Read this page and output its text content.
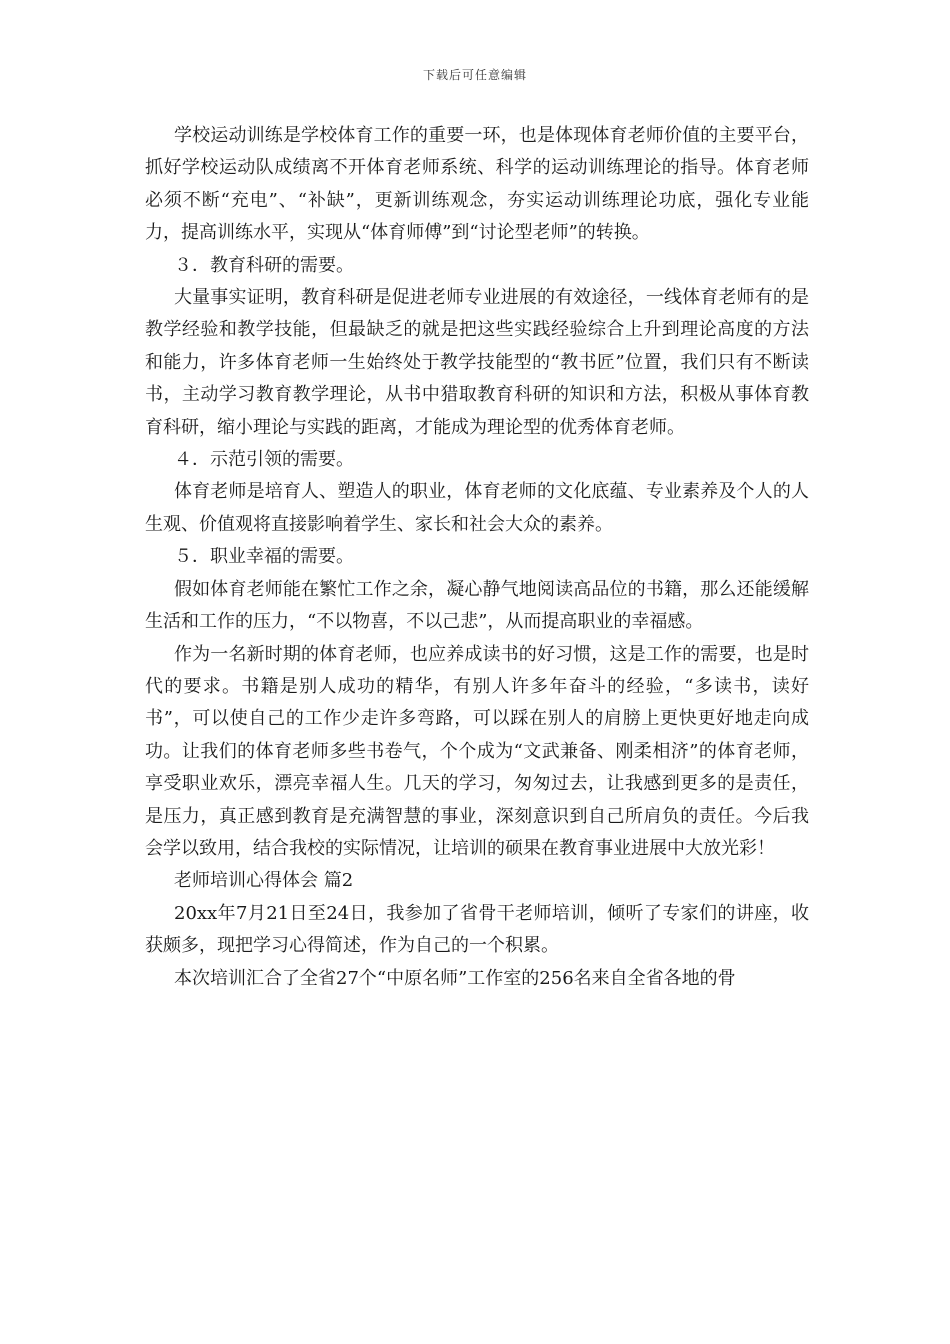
下载后可任意编辑

学校运动训练是学校体育工作的重要一环，也是体现体育老师价值的主要平台，抓好学校运动队成绩离不开体育老师系统、科学的运动训练理论的指导。体育老师必须不断“充电”、“补缺”，更新训练观念，夯实运动训练理论功底，强化专业能力，提高训练水平，实现从“体育师傅”到“讨论型老师”的转换。

３．教育科研的需要。

大量事实证明，教育科研是促进老师专业进展的有效途径，一线体育老师有的是教学经验和教学技能，但最缺乏的就是把这些实践经验综合上升到理论高度的方法和能力，许多体育老师一生始终处于教学技能型的“教书匠”位置，我们只有不断读书，主动学习教育教学理论，从书中猎取教育科研的知识和方法，积极从事体育教育科研，缩小理论与实践的距离，才能成为理论型的优秀体育老师。

４．示范引领的需要。

体育老师是培育人、塑造人的职业，体育老师的文化底蕴、专业素养及个人的人生观、价值观将直接影响着学生、家长和社会大众的素养。

５．职业幸福的需要。

假如体育老师能在繁忙工作之余，凝心静气地阅读高品位的书籍，那么还能缓解生活和工作的压力，“不以物喜，不以己悲”，从而提高职业的幸福感。

作为一名新时期的体育老师，也应养成读书的好习惯，这是工作的需要，也是时代的要求。书籍是别人成功的精华，有别人许多年奋斗的经验，“多读书，读好书”，可以使自己的工作少走许多弯路，可以踩在别人的肩膀上更快更好地走向成功。让我们的体育老师多些书卷气，个个成为“文武兼备、刚柔相济”的体育老师，享受职业欢乐，漂亮幸福人生。几天的学习，匆匆过去，让我感到更多的是责任，是压力，真正感到教育是充满智慧的事业，深刻意识到自己所肩负的责任。今后我会学以致用，结合我校的实际情况，让培训的硕果在教育事业进展中大放光彩！

老师培训心得体会 篇2

20xx年7月21日至24日，我参加了省骨干老师培训，倾听了专家们的讲座，收获颇多，现把学习心得简述，作为自己的一个积累。

本次培训汇合了全省27个“中原名师”工作室的256名来自全省各地的骨
